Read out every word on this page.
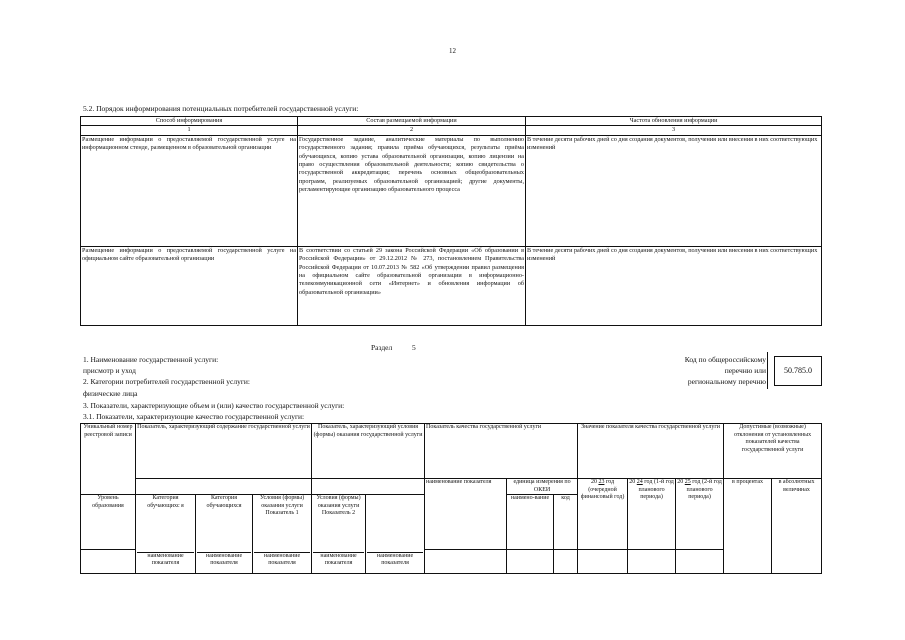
12
5.2. Порядок информирования потенциальных потребителей государственной услуги:
Способ информирования	Состав размещаемой информации	Частота обновления информации
1	2	3
Размещение информации о предоставляемой государственной услуге на информационном стенде, размещенном в образовательной организации	Государственное задание, аналитические материалы по выполнению государственного задания; правила приёма обучающихся, результаты приёма обучающихся, копию устава образовательной организации, копию лицензии на право осуществления образовательной деятельности; копию свидетельства о государственной аккредитации; перечень основных общеобразовательных программ, реализуемых образовательной организацией; другие документы, регламентирующие организацию образовательного процесса	В течение десяти рабочих дней со дня создания документов, получения или внесения в них соответствующих изменений
Размещение информации о предоставляемой государственной услуге на официальном сайте образовательной организации	В соответствии со статьей 29 закона Российской Федерации «Об образовании в Российской Федерации» от 29.12.2012 № 273, постановлением Правительства Российской Федерации от 10.07.2013 № 582 «Об утверждении правил размещения на официальном сайте образовательной организации в информационно-телекоммуникационной сети «Интернет» и обновления информации об образовательной организации»	В течение десяти рабочих дней со дня создания документов, получения или внесения в них соответствующих изменений
Раздел	5
1. Наименование государственной услуги:
присмотр и уход
2. Категории потребителей государственной услуги:
физические лица
3. Показатели, характеризующие объем и (или) качество государственной услуги:
3.1. Показатели, характеризующие качество государственной услуги:
Код по общероссийскому
перечню или
региональному перечню
50.785.0
Уникальный номер реестровой записи	Показатель, характеризующий содержание государственной услуги			Показатель, характеризующий условия (формы) оказания государственной услуги		Показатель качества государственной услуги			Значение показателя качества государственной услуги			Допустимые (возможные) отклонения от установленных показателей качества государственной услуги	
						наименование показателя	единица измерения по ОКЕИ		20 23 год (очередной финансовый год)	20 24 год (1-й год планового периода)	20 25 год (2-й год планового периода)	в процентах	в абсолютных величинах
							наимено-вание	код					
Уровень образования	Категория обучающихс я	Категория обучающихся	Условия (формы) оказания услуги Показатель 1	Условия (формы) оказания услуги Показатель 2									

	наименование показателя	наименование показателя	наименование показателя	наименование показателя	наименование показателя								
